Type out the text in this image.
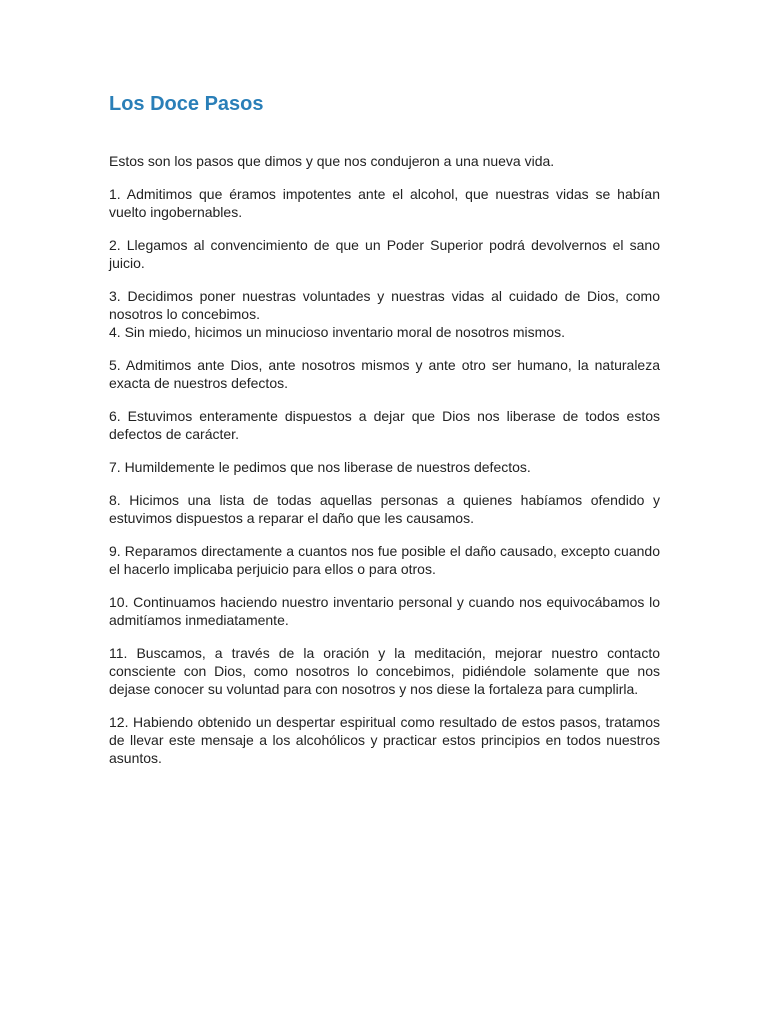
Los Doce Pasos

Estos son los pasos que dimos y que nos condujeron a una nueva vida.

1. Admitimos que éramos impotentes ante el alcohol, que nuestras vidas se habían vuelto ingobernables.

2. Llegamos al convencimiento de que un Poder Superior podrá devolvernos el sano juicio.

3. Decidimos poner nuestras voluntades y nuestras vidas al cuidado de Dios, como nosotros lo concebimos.

4. Sin miedo, hicimos un minucioso inventario moral de nosotros mismos.

5. Admitimos ante Dios, ante nosotros mismos y ante otro ser humano, la naturaleza exacta de nuestros defectos.

6. Estuvimos enteramente dispuestos a dejar que Dios nos liberase de todos estos defectos de carácter.

7. Humildemente le pedimos que nos liberase de nuestros defectos.

8. Hicimos una lista de todas aquellas personas a quienes habíamos ofendido y estuvimos dispuestos a reparar el daño que les causamos.

9. Reparamos directamente a cuantos nos fue posible el daño causado, excepto cuando el hacerlo implicaba perjuicio para ellos o para otros.

10. Continuamos haciendo nuestro inventario personal y cuando nos equivocábamos lo admitíamos inmediatamente.

11. Buscamos, a través de la oración y la meditación, mejorar nuestro contacto consciente con Dios, como nosotros lo concebimos, pidiéndole solamente que nos dejase conocer su voluntad para con nosotros y nos diese la fortaleza para cumplirla.

12. Habiendo obtenido un despertar espiritual como resultado de estos pasos, tratamos de llevar este mensaje a los alcohólicos y practicar estos principios en todos nuestros asuntos.
